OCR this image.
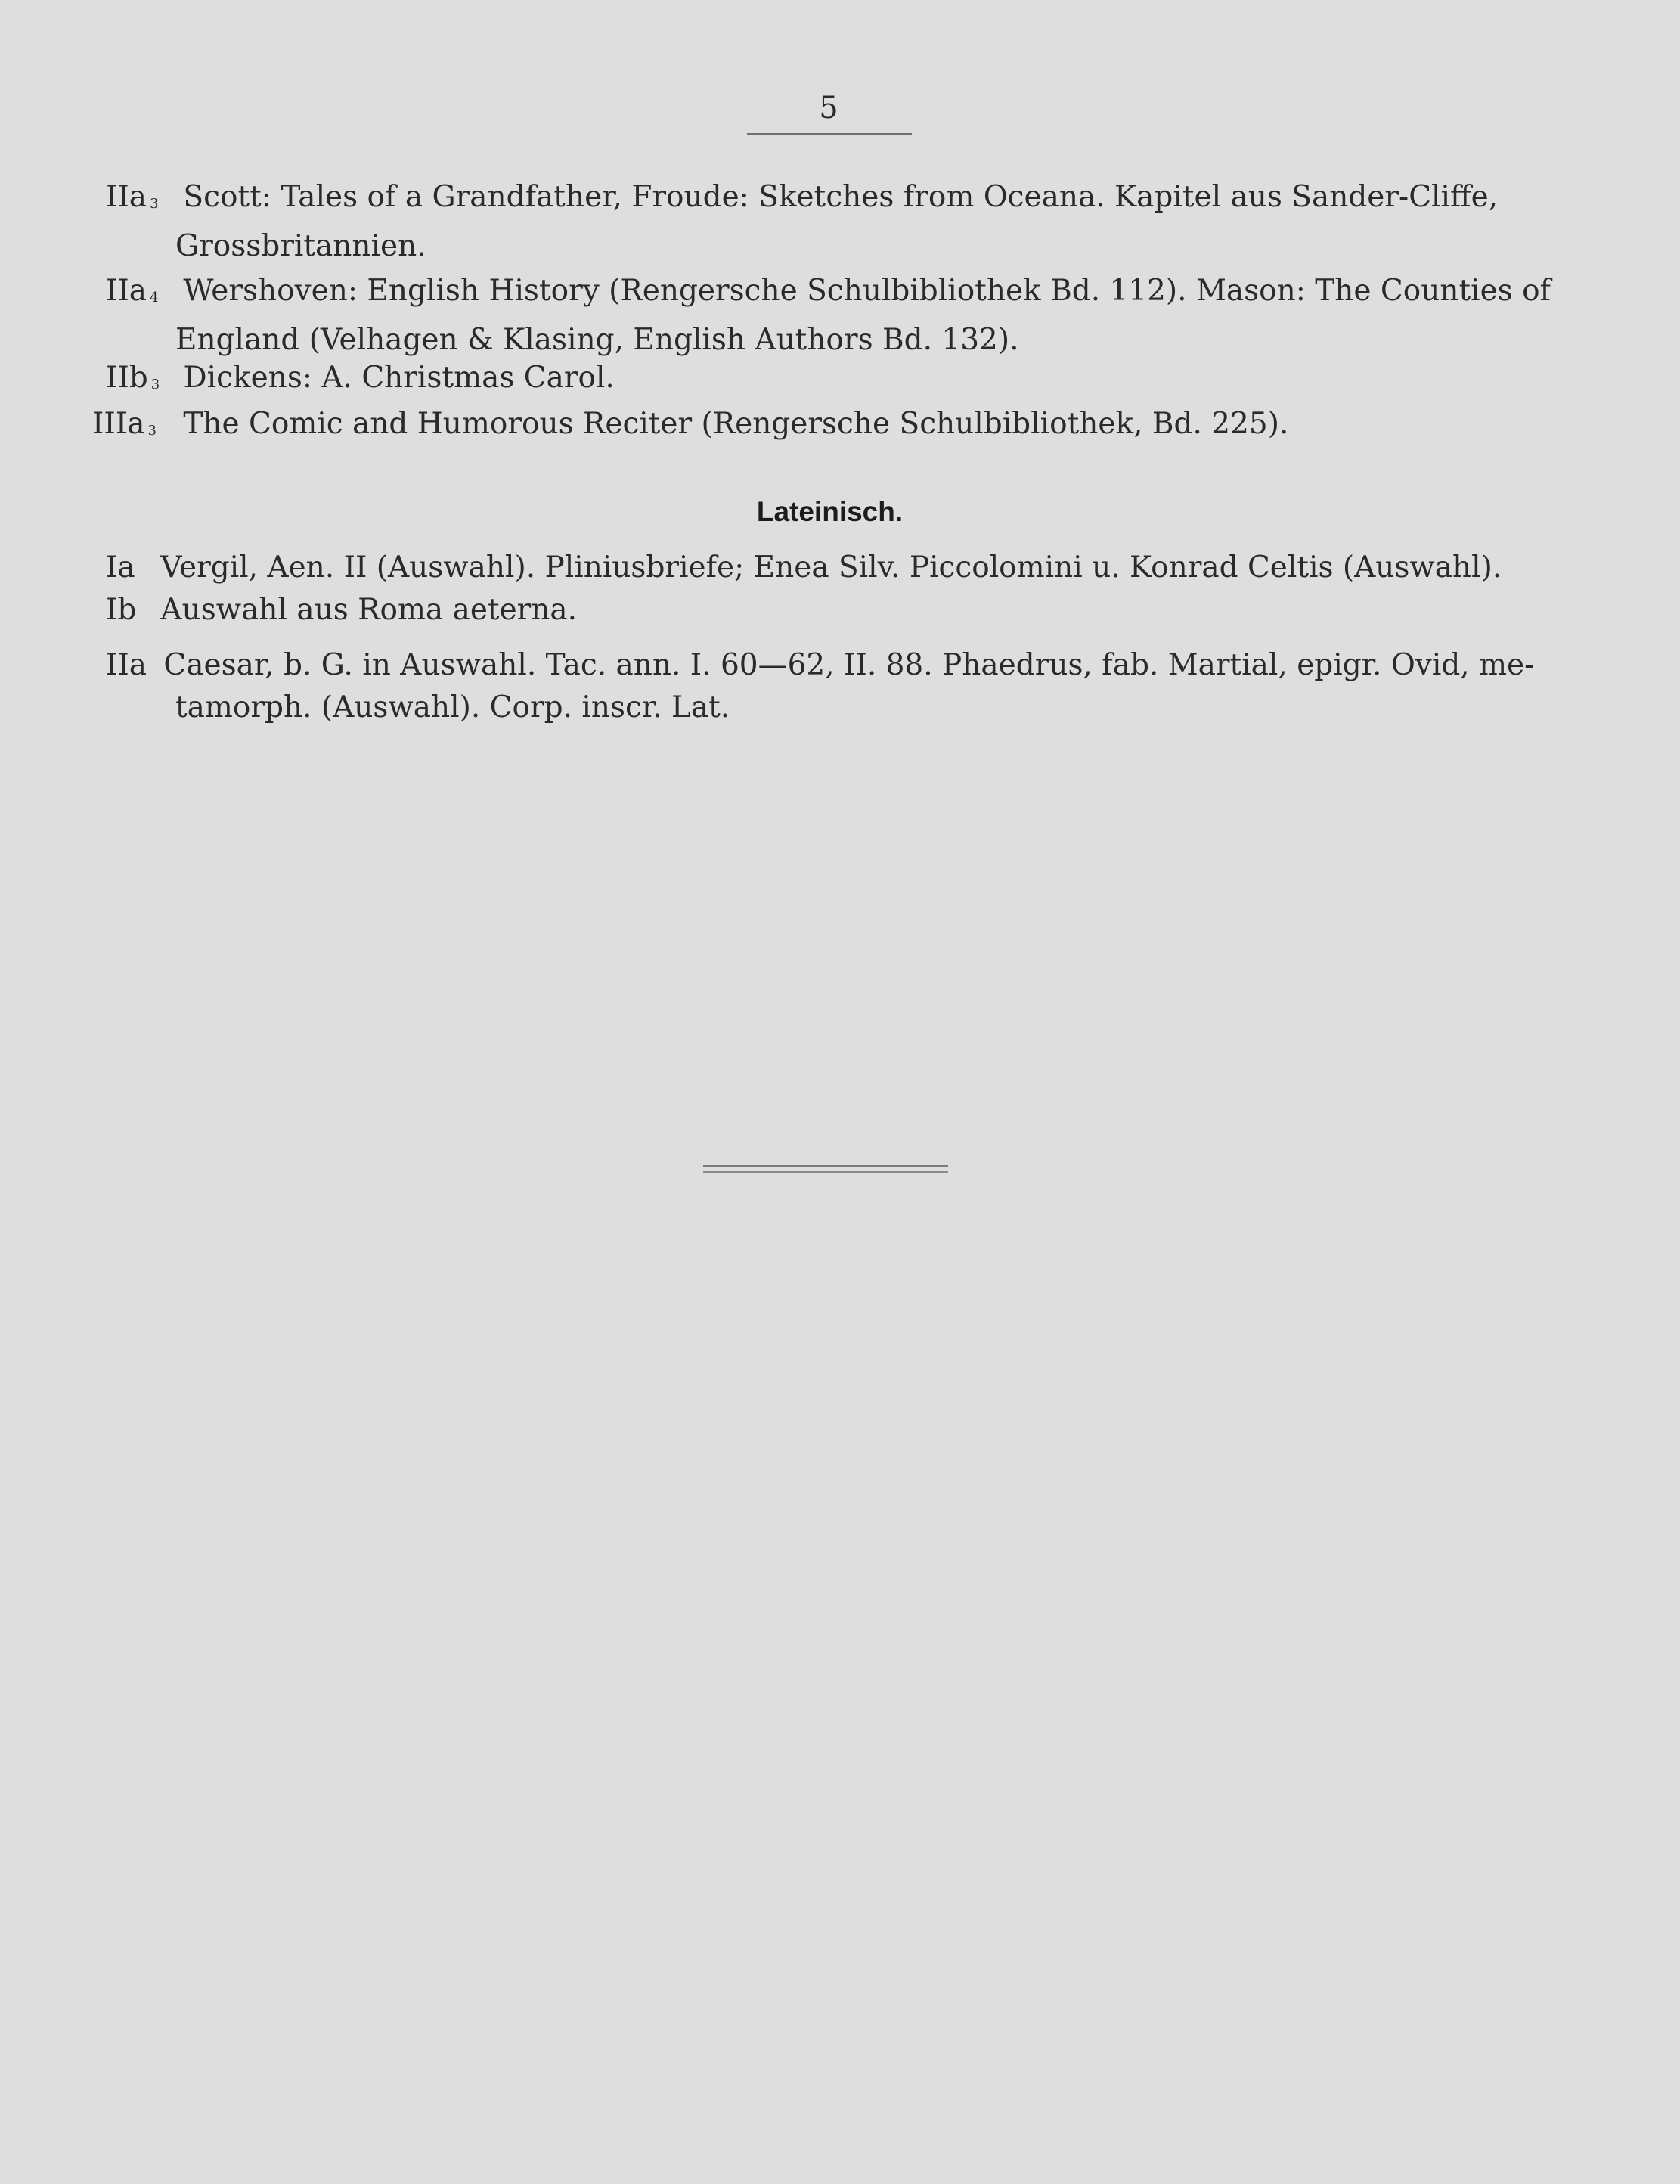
5
IIa $_3$ Scott: Tales of a Grandfather, Froude: Sketches from Oceana. Kapitel aus Sander-Cliffe,
Grossbritannien.
IIa $_4$ Wershoven: English History (Rengersche Schulbibliothek Bd. 112). Mason: The Counties of
England (Velhagen & Klasing, English Authors Bd. 132).
IIb $_3$ Dickens: A. Christmas Carol.
IIIa $_3$ The Comic and Humorous Reciter (Rengersche Schulbibliothek, Bd. 225).
Lateinisch.
Ia Vergil, Aen. II (Auswahl). Pliniusbriefe; Enea Silv. Piccolomini u. Konrad Celtis (Auswahl).
Ib Auswahl aus Roma aeterna.
IIa Caesar, b. G. in Auswahl. Tac. ann. I. 60—62, II. 88. Phaedrus, fab. Martial, epigr. Ovid, me-
tamorph. (Auswahl). Corp. inscr. Lat.
